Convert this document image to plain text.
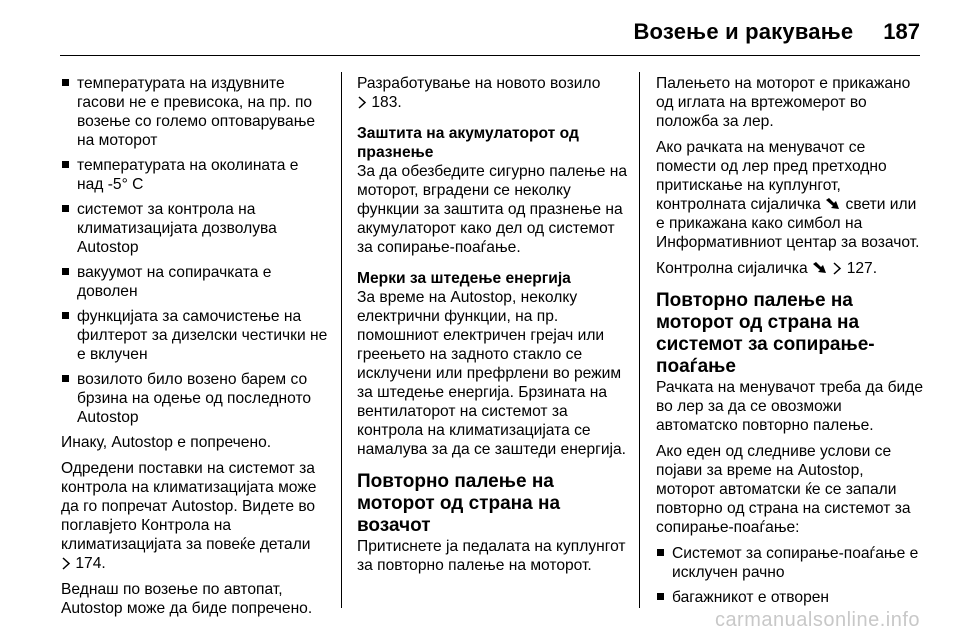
Возење и ракување 187
температурата на издувните гасови не е превисока, на пр. по возење со големо оптоварување на моторот
температурата на околината е над -5° C
системот за контрола на климатизацијата дозволува Autostop
вакуумот на сопирачката е доволен
функцијата за самочистење на филтерот за дизелски честички не е вклучен
возилото било возено барем со брзина на одење од последното Autostop

Инаку, Autostop е попречено.

Одредени поставки на системот за контрола на климатизацијата може да го попречат Autostop. Видете во поглавјето Контрола на климатизацијата за повеќе детали
174.

Веднаш по возење по автопат, Autostop може да биде попречено.

Разработување на новото возило
183.

Заштита на акумулаторот од празнење

За да обезбедите сигурно палење на моторот, вградени се неколку функции за заштита од празнење на акумулаторот како дел од системот за сопирање-поаѓање.

Мерки за штедење енергија

За време на Autostop, неколку електрични функции, на пр. помошниот електричен грејач или греењето на задното стакло се исклучени или префрлени во режим за штедење енергија. Брзината на вентилаторот на системот за контрола на климатизацијата се намалува за да се заштеди енергија.

Повторно палење на моторот од страна на возачот

Притиснете ја педалата на куплунгот за повторно палење на моторот.

Палењето на моторот е прикажано од иглата на вртежомерот во положба за лер.

Ако рачката на менувачот се помести од лер пред претходно притискање на куплунгот, контролната сијаличка свети или е прикажана како симбол на Информативниот центар за возачот.

Контролна сијаличка	127.

Повторно палење на моторот од страна на системот за сопирање-поаѓање

Рачката на менувачот треба да биде во лер за да се овозможи автоматско повторно палење.

Ако еден од следниве услови се појави за време на Autostop, моторот автоматски ќе се запали повторно од страна на системот за сопирање-поаѓање:

Системот за сопирање-поаѓање е исклучен рачно
багажникот е отворен
carmanualsonline.info
